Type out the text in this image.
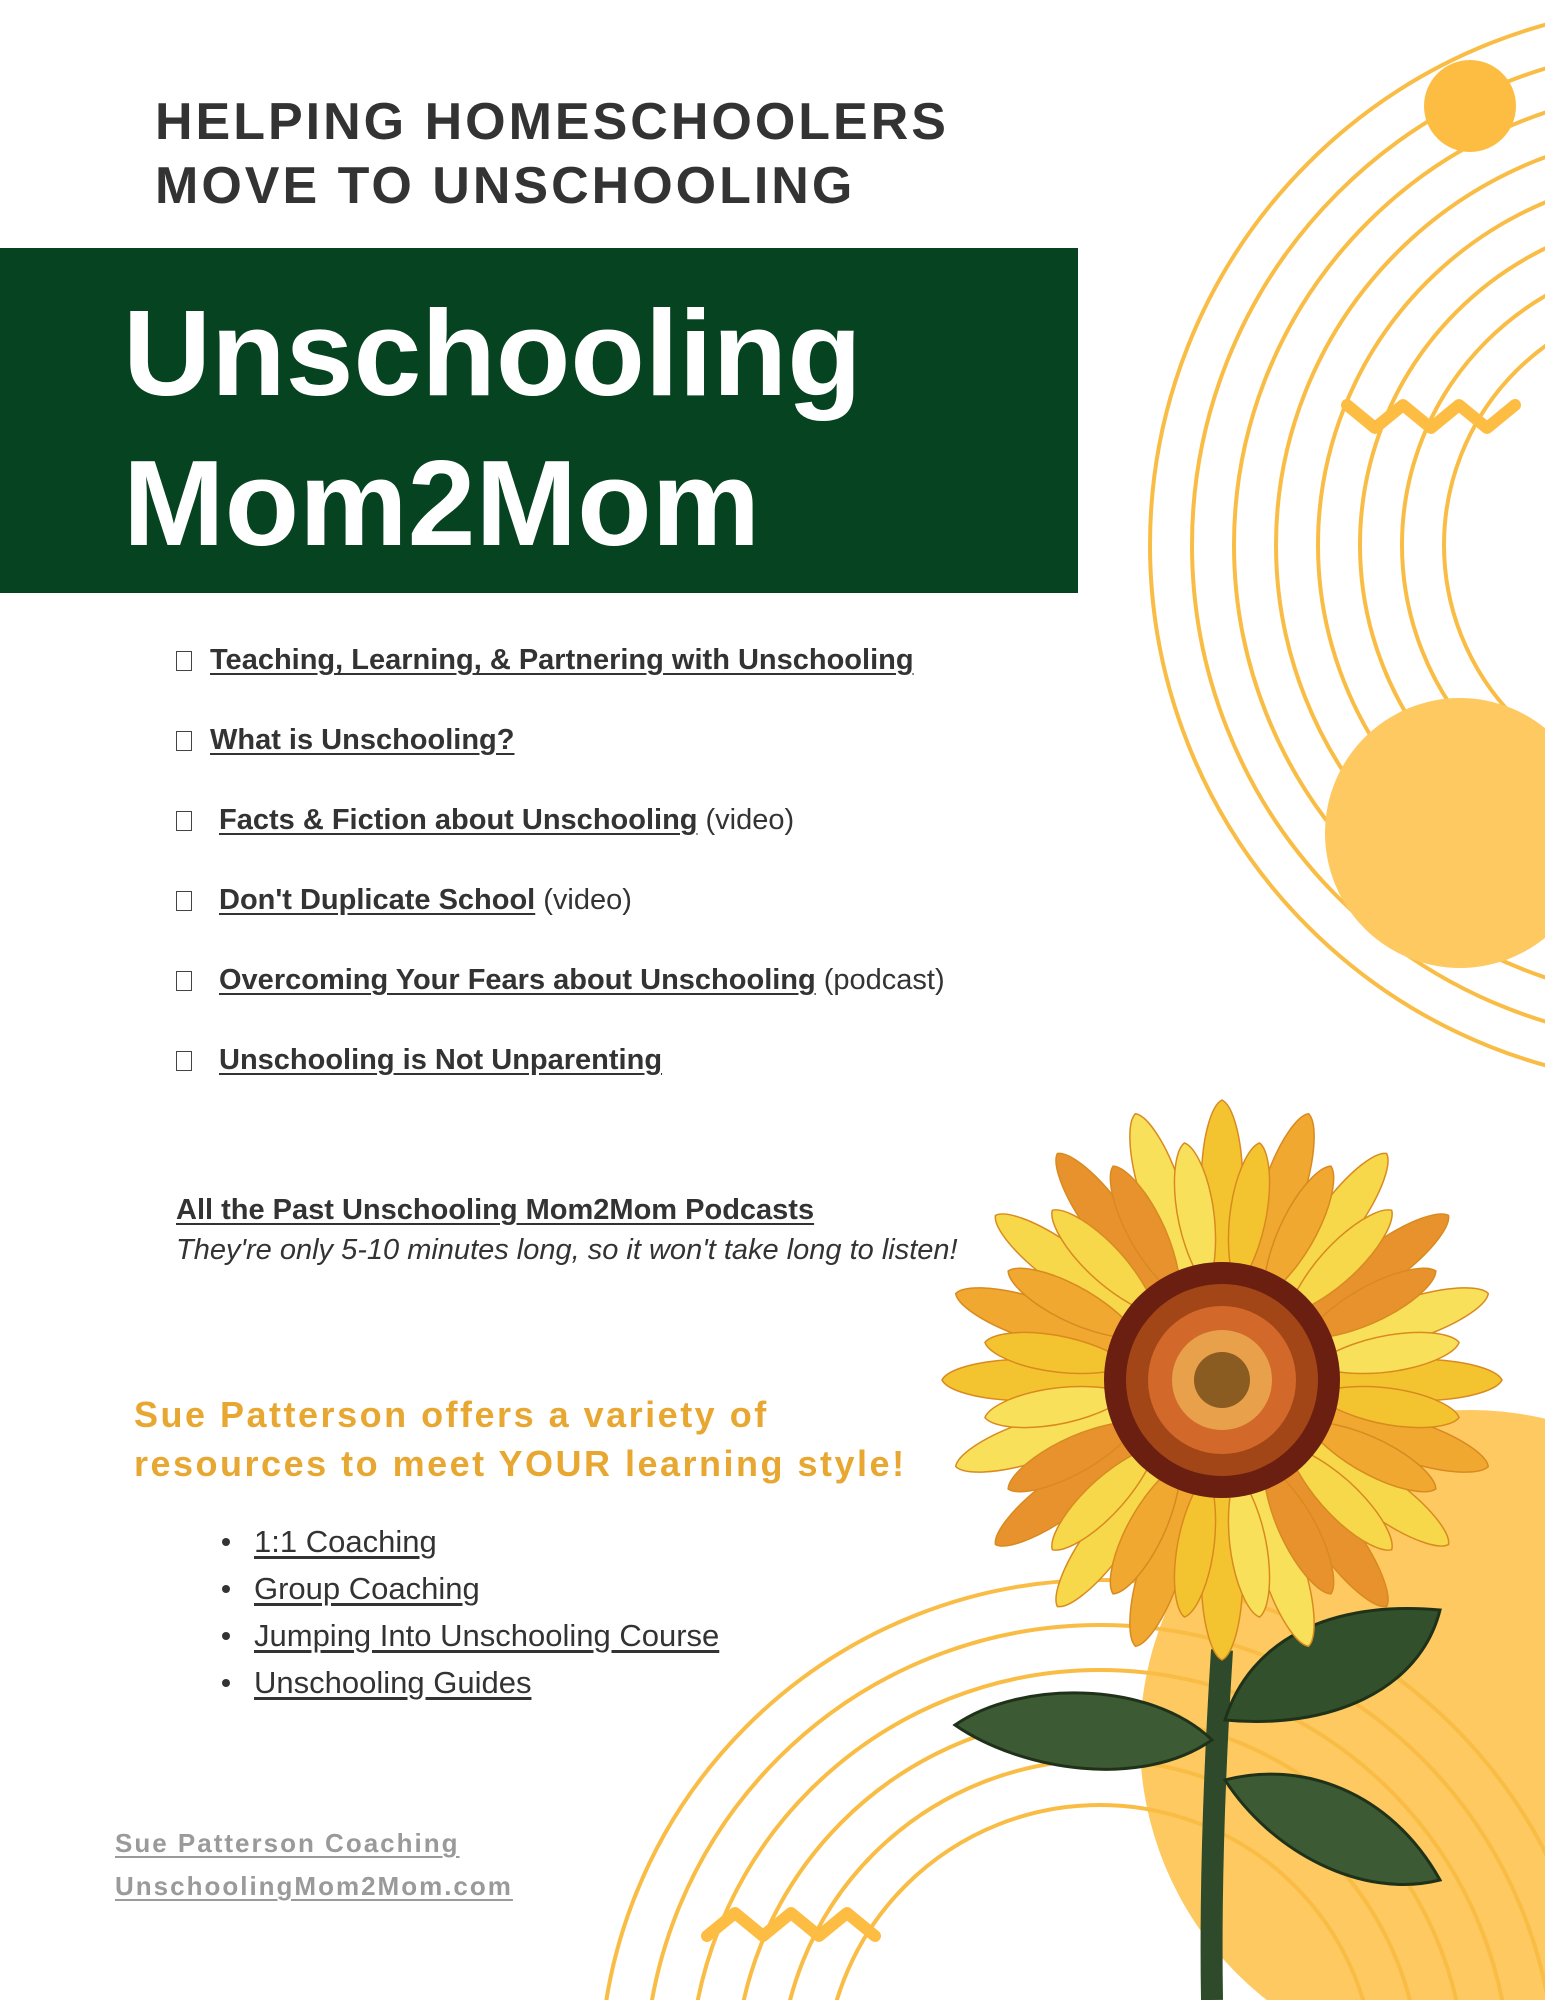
HELPING HOMESCHOOLERS
MOVE TO UNSCHOOLING
Unschooling
Mom2Mom
Teaching, Learning, & Partnering with Unschooling
What is Unschooling?
Facts & Fiction about Unschooling (video)
Don't Duplicate School (video)
Overcoming Your Fears about Unschooling (podcast)
Unschooling is Not Unparenting
All the Past Unschooling Mom2Mom Podcasts
They're only 5-10 minutes long, so it won't take long to listen!
Sue Patterson offers a variety of
resources to meet YOUR learning style!
1:1 Coaching
Group Coaching
Jumping Into Unschooling Course
Unschooling Guides
Sue Patterson Coaching
UnschoolingMom2Mom.com
